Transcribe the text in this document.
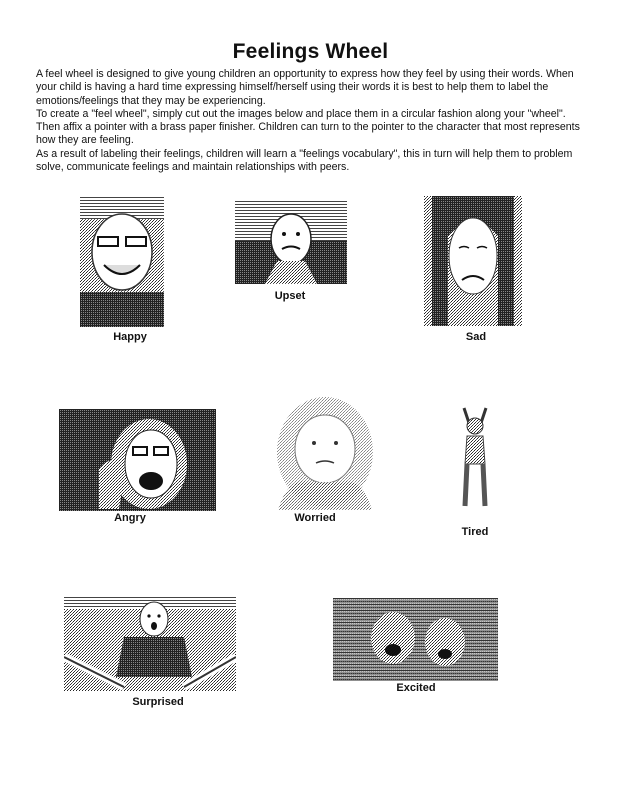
Feelings Wheel

A feel wheel is designed to give young children an opportunity to express how they feel by using their words. When your child is having a hard time expressing himself/herself using their words it is best to help them to label the emotions/feelings that they may be experiencing.

To create a "feel wheel", simply cut out the images below and place them in a circular fashion along your "wheel". Then affix a pointer with a brass paper finisher. Children can turn to the pointer to the character that most represents how they are feeling.

As a result of labeling their feelings, children will learn a "feelings vocabulary", this in turn will help them to problem solve, communicate feelings and maintain relationships with peers.

Happy
Upset
Sad
Angry	Worried
Tired
Surprised
Excited
